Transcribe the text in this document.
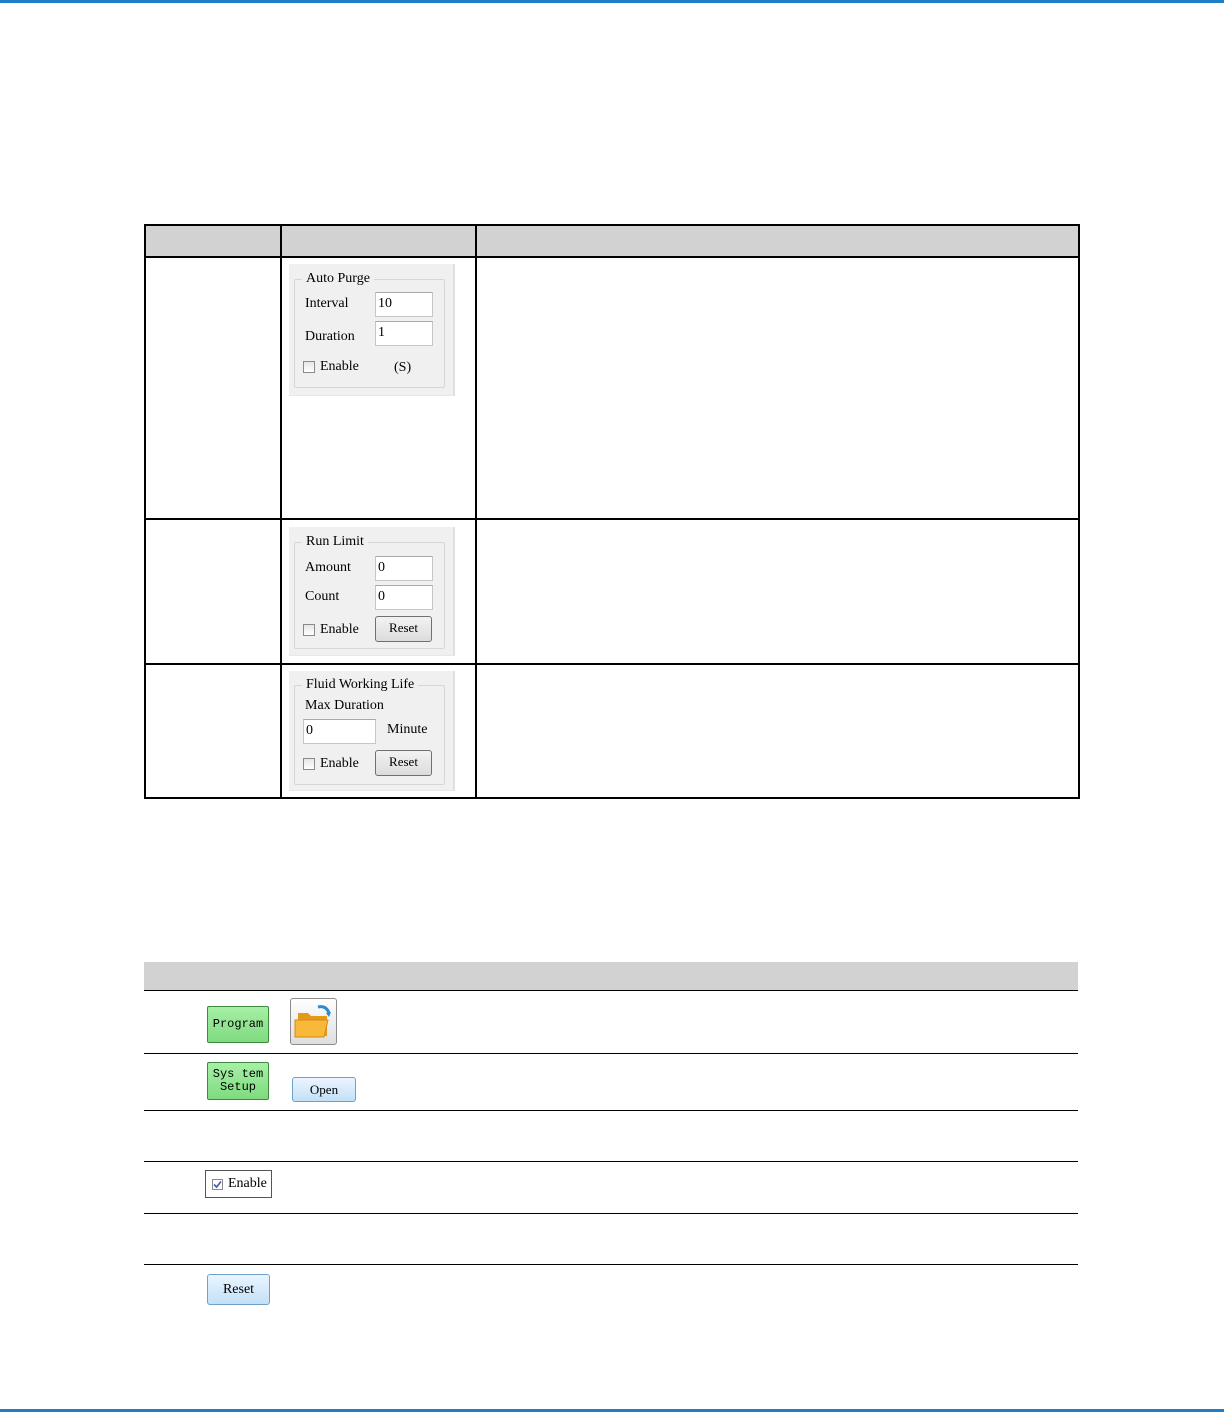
Auto Purge
Interval 10
Duration 1
Enable	(S)
Run Limit
Amount 0
Count	0
Enable	Reset
Fluid Working Life
Max Duration
0	Minute
Enable	Reset
Program
Sys tem
Setup	Open
Enable
Reset
